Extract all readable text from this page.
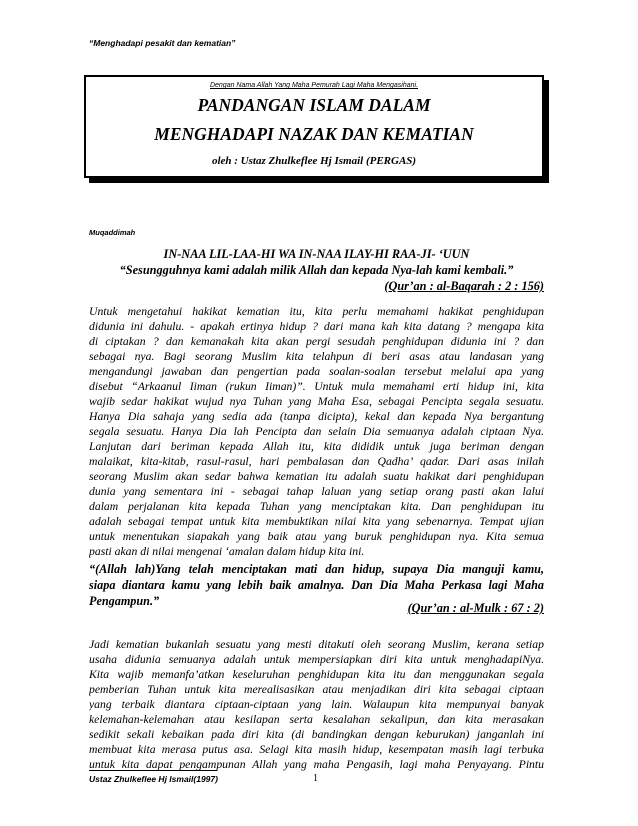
“Menghadapi pesakit dan kematian”
Dengan Nama Allah Yang Maha Pemurah Lagi Maha Mengasihani.
PANDANGAN ISLAM DALAM
MENGHADAPI NAZAK DAN KEMATIAN
oleh : Ustaz Zhulkeflee Hj Ismail (PERGAS)
Muqaddimah
IN-NAA LIL-LAA-HI WA IN-NAA ILAY-HI RAA-JI- ‘UUN
“Sesungguhnya kami adalah milik Allah dan kepada Nya-lah kami kembali.”
(Qur’an : al-Baqarah : 2 : 156)
Untuk mengetahui hakikat kematian itu, kita perlu memahami hakikat penghidupan
didunia ini dahulu. - apakah ertinya hidup ? dari mana kah kita datang ? mengapa kita
di ciptakan ? dan kemanakah kita akan pergi sesudah penghidupan didunia ini ? dan
sebagai nya. Bagi seorang Muslim kita telahpun di beri asas atau landasan yang
mengandungi jawaban dan pengertian pada soalan-soalan tersebut melalui apa yang
disebut “Arkaanul Iiman (rukun Iiman)”. Untuk mula memahami erti hidup ini, kita
wajib sedar hakikat wujud nya Tuhan yang Maha Esa, sebagai Pencipta segala sesuatu.
Hanya Dia sahaja yang sedia ada (tanpa dicipta), kekal dan kepada Nya bergantung
segala sesuatu. Hanya Dia lah Pencipta dan selain Dia semuanya adalah ciptaan Nya.
Lanjutan dari beriman kepada Allah itu, kita dididik untuk juga beriman dengan
malaikat, kita-kitab, rasul-rasul, hari pembalasan dan Qadha’ qadar. Dari asas inilah
seorang Muslim akan sedar bahwa kematian itu adalah suatu hakikat dari penghidupan
dunia yang sementara ini - sebagai tahap laluan yang setiap orang pasti akan lalui
dalam perjalanan kita kepada Tuhan yang menciptakan kita. Dan penghidupan itu
adalah sebagai tempat untuk kita membuktikan nilai kita yang sebenarnya. Tempat ujian
untuk menentukan siapakah yang baik atau yang buruk penghidupan nya. Kita semua
pasti akan di nilai mengenai ‘amalan dalam hidup kita ini.
“(Allah lah)Yang telah menciptakan mati dan hidup, supaya Dia manguji kamu,
siapa diantara kamu yang lebih baik amalnya. Dan Dia Maha Perkasa lagi Maha
Pengampun.”	(Qur’an : al-Mulk : 67 : 2)
Jadi kematian bukanlah sesuatu yang mesti ditakuti oleh seorang Muslim, kerana setiap
usaha didunia semuanya adalah untuk mempersiapkan diri kita untuk menghadapiNya.
Kita wajib memanfa’atkan keseluruhan penghidupan kita itu dan menggunakan segala
pemberian Tuhan untuk kita merealisasikan atau menjadikan diri kita sebagai ciptaan
yang terbaik diantara ciptaan-ciptaan yang lain. Walaupun kita mempunyai banyak
kelemahan-kelemahan atau kesilapan serta kesalahan sekalipun, dan kita merasakan
sedikit sekali kebaikan pada diri kita (di bandingkan dengan keburukan) janganlah ini
membuat kita merasa putus asa. Selagi kita masih hidup, kesempatan masih lagi terbuka
untuk kita dapat pengampunan Allah yang maha Pengasih, lagi maha Penyayang. Pintu
Ustaz Zhulkeflee Hj Ismail(1997)	1
